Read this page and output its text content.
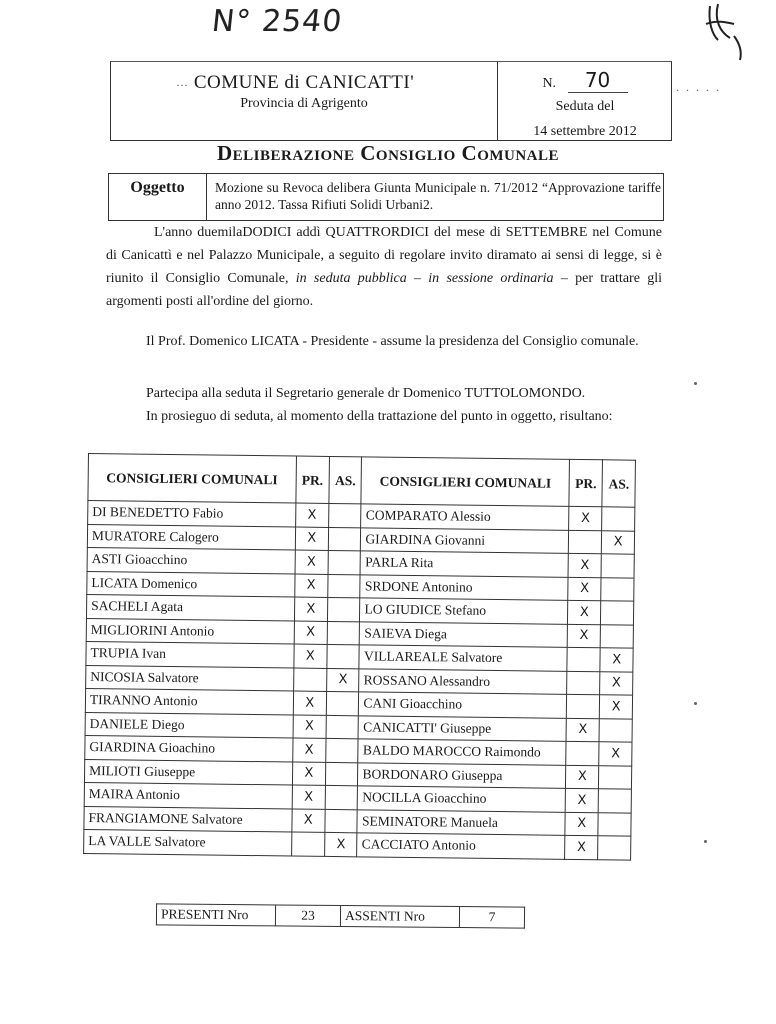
N° 2540
…	. . . . .
COMUNE di CANICATTI'
Provincia di Agrigento
N. 70
Seduta del
14 settembre 2012
Deliberazione Consiglio Comunale
Oggetto	Mozione su Revoca delibera Giunta Municipale n. 71/2012 “Approvazione tariffe anno 2012. Tassa Rifiuti Solidi Urbani2.
L'anno duemilaDODICI addì QUATTRORDICI del mese di SETTEMBRE nel Comune di Canicattì e nel Palazzo Municipale, a seguito di regolare invito diramato ai sensi di legge, si è riunito il Consiglio Comunale, in seduta pubblica – in sessione ordinaria – per trattare gli argomenti posti all'ordine del giorno.
Il Prof. Domenico LICATA - Presidente - assume la presidenza del Consiglio comunale.
Partecipa alla seduta il Segretario generale dr Domenico TUTTOLOMONDO.
In prosieguo di seduta, al momento della trattazione del punto in oggetto, risultano:
CONSIGLIERI COMUNALI	PR.	AS.	CONSIGLIERI COMUNALI	PR.	AS.
DI BENEDETTO Fabio	X		COMPARATO Alessio	X	
MURATORE Calogero	X		GIARDINA Giovanni		X
ASTI Gioacchino	X		PARLA Rita	X	
LICATA Domenico	X		SRDONE Antonino	X	
SACHELI Agata	X		LO GIUDICE Stefano	X	
MIGLIORINI Antonio	X		SAIEVA Diega	X	
TRUPIA Ivan	X		VILLAREALE Salvatore		X
NICOSIA Salvatore		X	ROSSANO Alessandro		X
TIRANNO Antonio	X		CANI Gioacchino		X
DANIELE Diego	X		CANICATTI' Giuseppe	X	
GIARDINA Gioachino	X		BALDO MAROCCO Raimondo		X
MILIOTI Giuseppe	X		BORDONARO Giuseppa	X	
MAIRA Antonio	X		NOCILLA Gioacchino	X	
FRANGIAMONE Salvatore	X		SEMINATORE Manuela	X	
LA VALLE Salvatore		X	CACCIATO Antonio	X	
PRESENTI Nro	23	ASSENTI Nro	7
